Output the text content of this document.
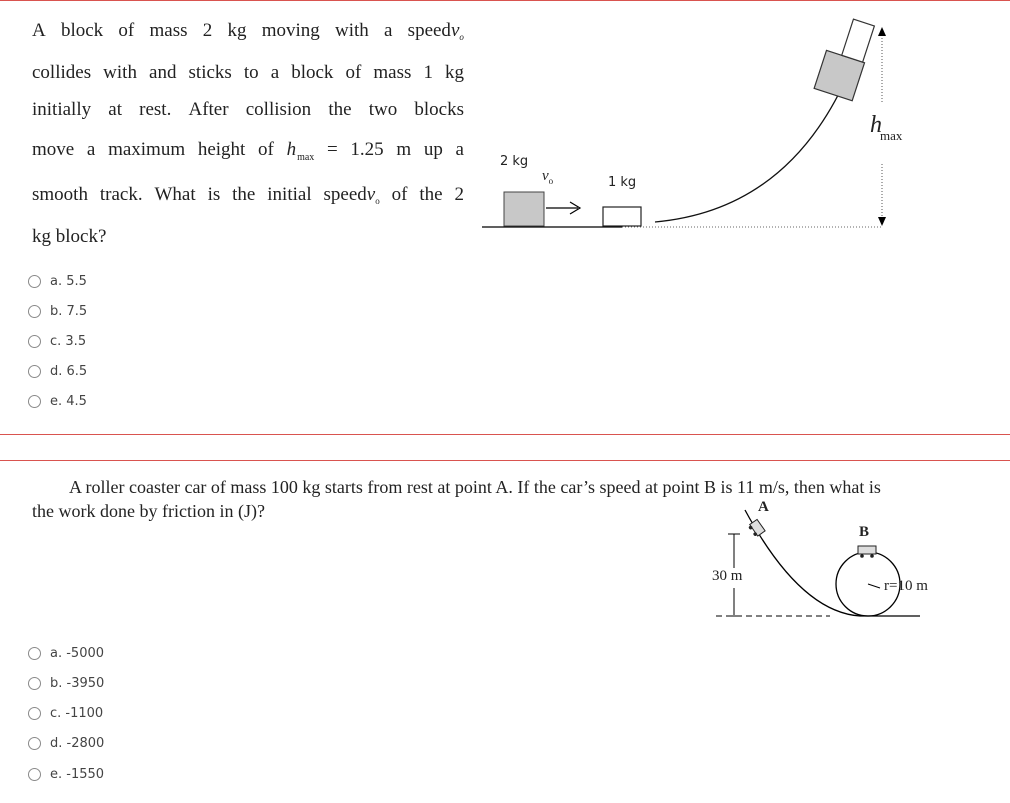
A block of mass 2 kg moving with a speedv$_o$
collides with and sticks to a block of mass 1 kg
initially at rest. After collision the two blocks
move a maximum height of $h_{max} = 1.25$ m up a
smooth track. What is the initial speedv$_o$ of the 2
kg block?
2 kg
1 kg
$v_o$
$h_{max}$
a. 5.5
b. 7.5
c. 3.5
d. 6.5
e. 4.5
A roller coaster car of mass 100 kg starts from rest at point A. If the car’s speed at point B is 11 m/s, then what is the work done by friction in (J)?	A
B
30 m
r=10 m
a. -5000
b. -3950
c. -1100
d. -2800
e. -1550
